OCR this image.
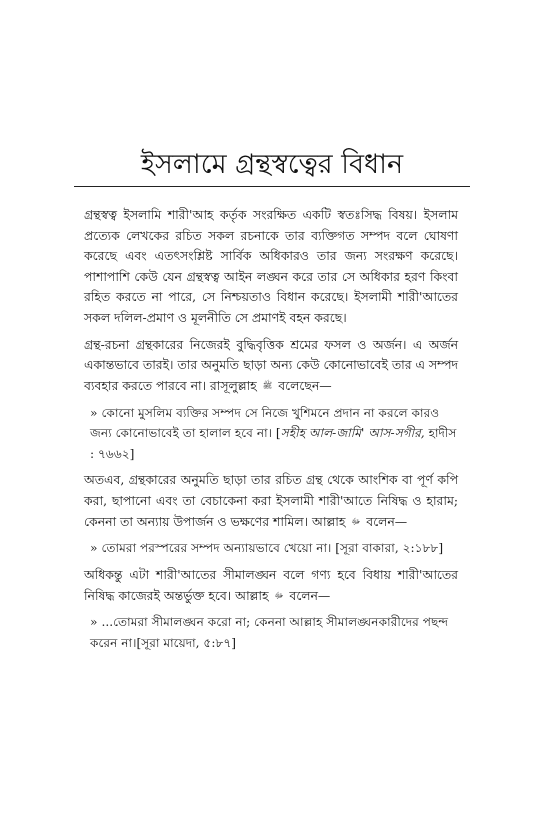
ইসলামে গ্রন্থস্বত্বের বিধান

গ্রন্থস্বত্ব ইসলামি শারী'আহ কর্তৃক সংরক্ষিত একটি স্বতঃসিদ্ধ বিষয়। ইসলাম প্রত্যেক লেখকের রচিত সকল রচনাকে তার ব্যক্তিগত সম্পদ বলে ঘোষণা করেছে এবং এতৎসংশ্লিষ্ট সার্বিক অধিকারও তার জন্য সংরক্ষণ করেছে। পাশাপাশি কেউ যেন গ্রন্থস্বত্ব আইন লঙ্ঘন করে তার সে অধিকার হরণ কিংবা রহিত করতে না পারে, সে নিশ্চয়তাও বিধান করেছে। ইসলামী শারী'আতের সকল দলিল-প্রমাণ ও মূলনীতি সে প্রমাণই বহন করছে।

গ্রন্থ-রচনা গ্রন্থকারের নিজেরই বুদ্ধিবৃত্তিক শ্রমের ফসল ও অর্জন। এ অর্জন একান্তভাবে তারই। তার অনুমতি ছাড়া অন্য কেউ কোনোভাবেই তার এ সম্পদ ব্যবহার করতে পারবে না। রাসূলুল্লাহ ﷺ বলেছেন—

» কোনো মুসলিম ব্যক্তির সম্পদ সে নিজে খুশিমনে প্রদান না করলে কারও জন্য কোনোভাবেই তা হালাল হবে না। [সহীহ আল-জামি' আস-সগীর, হাদীস : ৭৬৬২]

অতএব, গ্রন্থকারের অনুমতি ছাড়া তার রচিত গ্রন্থ থেকে আংশিক বা পূর্ণ কপি করা, ছাপানো এবং তা বেচাকেনা করা ইসলামী শারী'আতে নিষিদ্ধ ও হারাম; কেননা তা অন্যায় উপার্জন ও ভক্ষণের শামিল। আল্লাহ ﷻ বলেন—

» তোমরা পরস্পরের সম্পদ অন্যায়ভাবে খেয়ো না। [সূরা বাকারা, ২:১৮৮]

অধিকন্তু এটা শারী'আতের সীমালঙ্ঘন বলে গণ্য হবে বিধায় শারী'আতের নিষিদ্ধ কাজেরই অন্তর্ভুক্ত হবে। আল্লাহ ﷻ বলেন—

» ...তোমরা সীমালঙ্ঘন করো না; কেননা আল্লাহ সীমালঙ্ঘনকারীদের পছন্দ করেন না।[সূরা মায়েদা, ৫:৮৭]
